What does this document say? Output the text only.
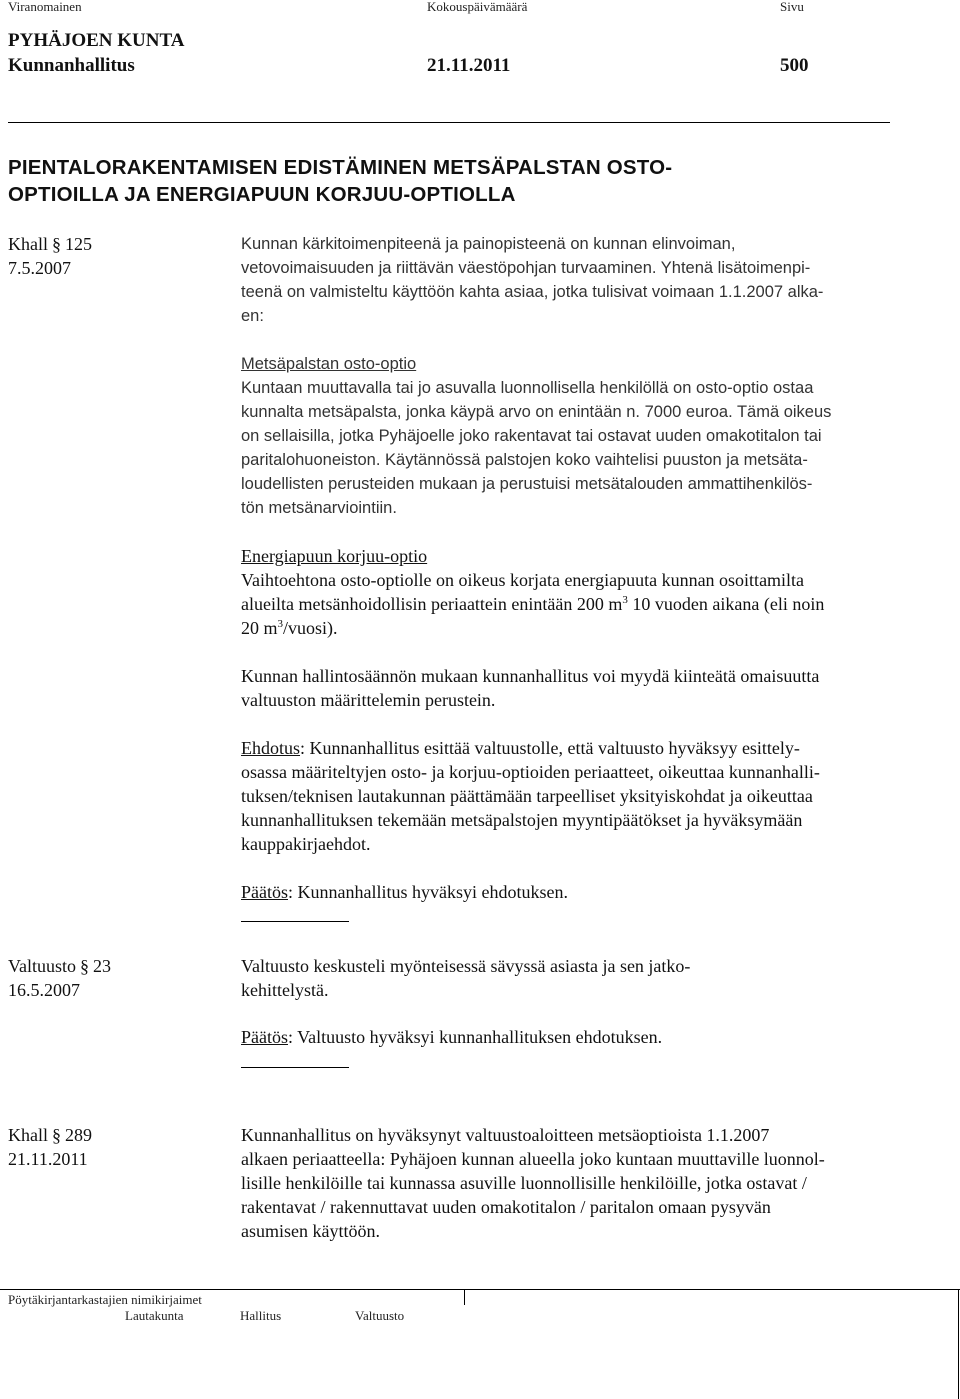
Viranomainen	Kokouspäivämäärä	Sivu
PYHÄJOEN KUNTA
Kunnanhallitus	21.11.2011	500
PIENTALORAKENTAMISEN EDISTÄMINEN METSÄPALSTAN OSTO-
OPTIOILLA JA ENERGIAPUUN KORJUU-OPTIOLLA
Khall § 125
7.5.2007
Kunnan kärkitoimenpiteenä ja painopisteenä on kunnan elinvoiman,
vetovoimaisuuden ja riittävän väestöpohjan turvaaminen. Yhtenä lisätoimenpi-
teenä on valmisteltu käyttöön kahta asiaa, jotka tulisivat voimaan 1.1.2007 alka-
en:
Metsäpalstan osto-optio
Kuntaan muuttavalla tai jo asuvalla luonnollisella henkilöllä on osto-optio ostaa
kunnalta metsäpalsta, jonka käypä arvo on enintään n. 7000 euroa. Tämä oikeus
on sellaisilla, jotka Pyhäjoelle joko rakentavat tai ostavat uuden omakotitalon tai
paritalohuoneiston. Käytännössä palstojen koko vaihtelisi puuston ja metsäta-
loudellisten perusteiden mukaan ja perustuisi metsätalouden ammattihenkilös-
tön metsänarviointiin.
Energiapuun korjuu-optio
Vaihtoehtona osto-optiolle on oikeus korjata energiapuuta kunnan osoittamilta
alueilta metsänhoidollisin periaattein enintään 200 $m^3$ 10 vuoden aikana (eli noin
20 $m^3/vuosi$).
Kunnan hallintosäännön mukaan kunnanhallitus voi myydä kiinteätä omaisuutta
valtuuston määrittelemin perustein.
Ehdotus: Kunnanhallitus esittää valtuustolle, että valtuusto hyväksyy esittely-
osassa määriteltyjen osto- ja korjuu-optioiden periaatteet, oikeuttaa kunnanhalli-
tuksen/teknisen lautakunnan päättämään tarpeelliset yksityiskohdat ja oikeuttaa
kunnanhallituksen tekemään metsäpalstojen myyntipäätökset ja hyväksymään
kauppakirjaehdot.
Päätös: Kunnanhallitus hyväksyi ehdotuksen.
Valtuusto § 23
16.5.2007
Valtuusto keskusteli myönteisessä sävyssä asiasta ja sen jatko-
kehittelystä.
Päätös: Valtuusto hyväksyi kunnanhallituksen ehdotuksen.
Khall § 289
21.11.2011
Kunnanhallitus on hyväksynyt valtuustoaloitteen metsäoptioista 1.1.2007
alkaen periaatteella: Pyhäjoen kunnan alueella joko kuntaan muuttaville luonnol-
lisille henkilöille tai kunnassa asuville luonnollisille henkilöille, jotka ostavat /
rakentavat / rakennuttavat uuden omakotitalon / paritalon omaan pysyvän
asumisen käyttöön.
Pöytäkirjantarkastajien nimikirjaimet
Lautakunta	Hallitus	Valtuusto
